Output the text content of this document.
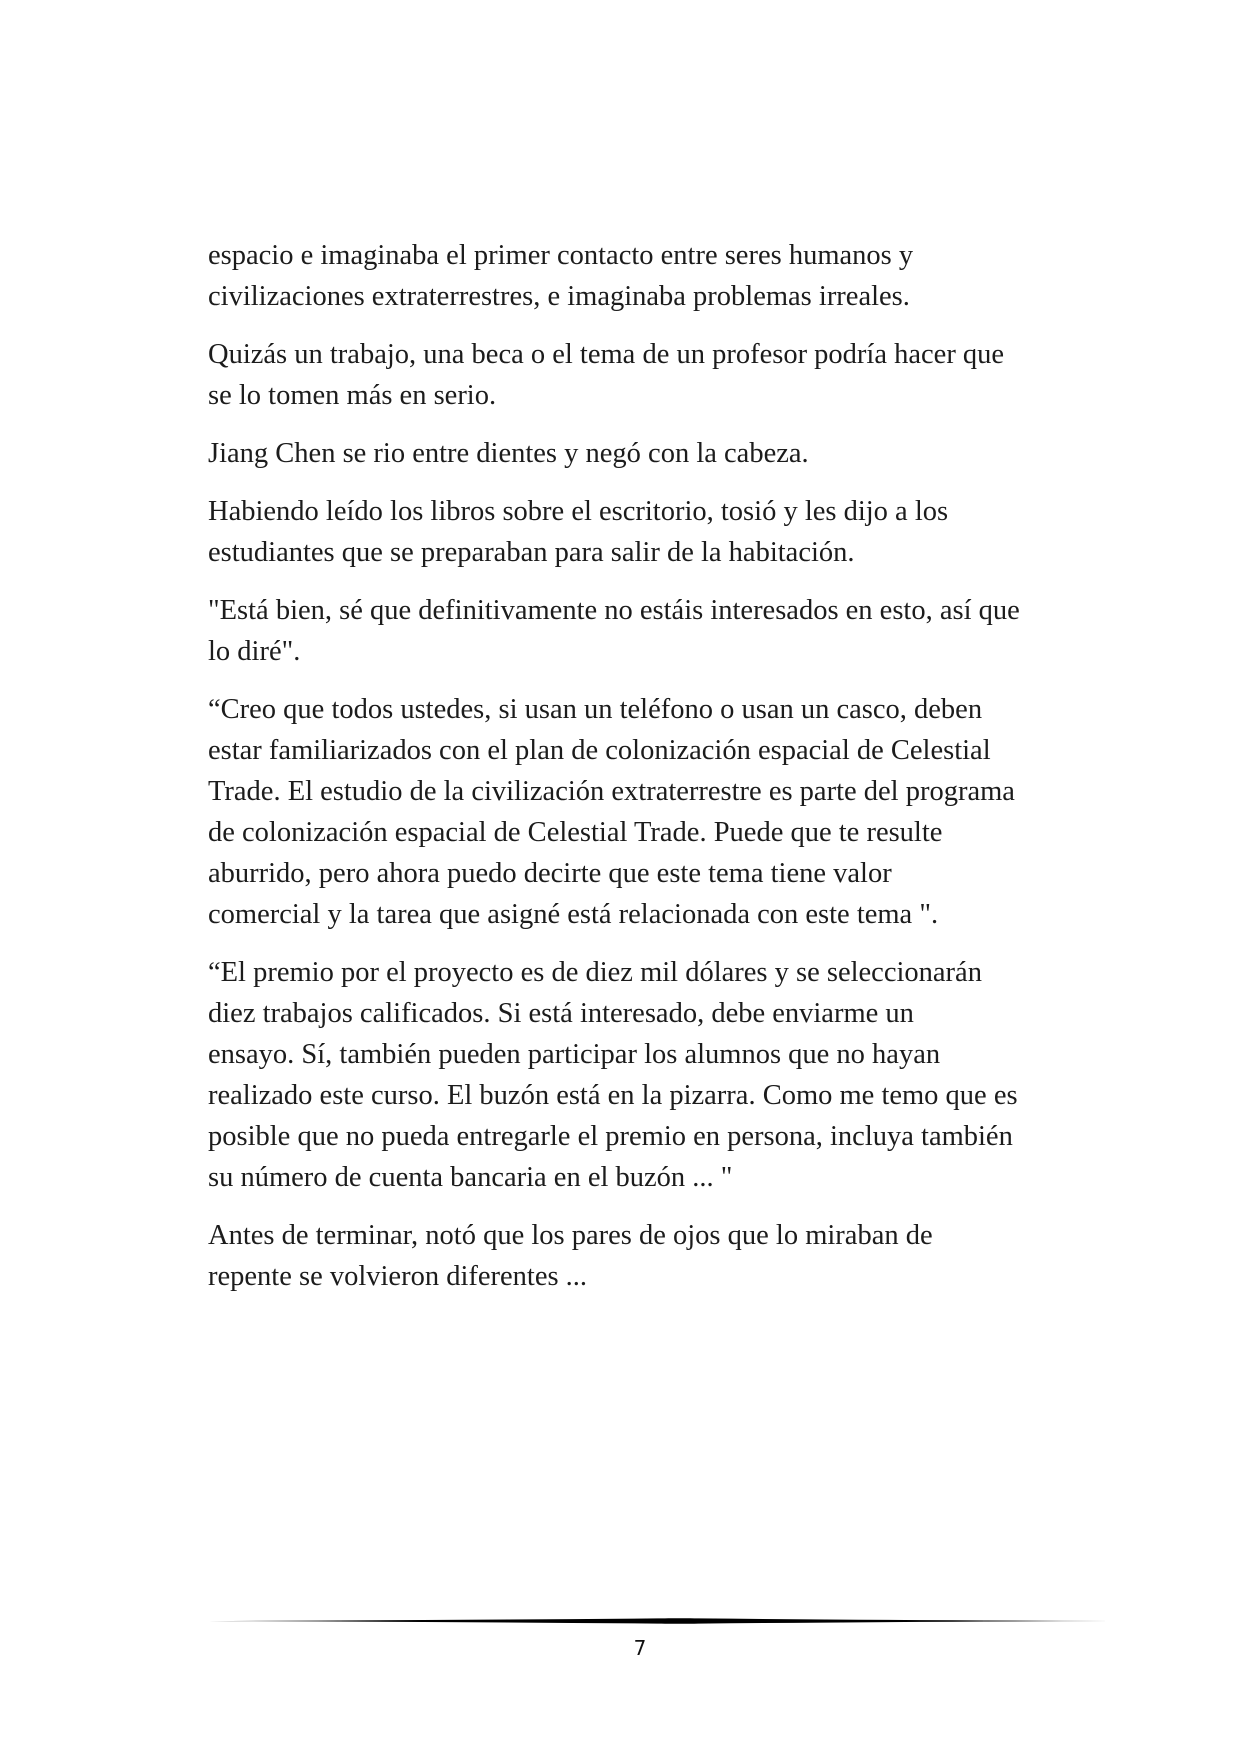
espacio e imaginaba el primer contacto entre seres humanos y
civilizaciones extraterrestres, e imaginaba problemas irreales.

Quizás un trabajo, una beca o el tema de un profesor podría hacer que
se lo tomen más en serio.

Jiang Chen se rio entre dientes y negó con la cabeza.

Habiendo leído los libros sobre el escritorio, tosió y les dijo a los
estudiantes que se preparaban para salir de la habitación.

"Está bien, sé que definitivamente no estáis interesados en esto, así que
lo diré".

“Creo que todos ustedes, si usan un teléfono o usan un casco, deben
estar familiarizados con el plan de colonización espacial de Celestial
Trade. El estudio de la civilización extraterrestre es parte del programa
de colonización espacial de Celestial Trade. Puede que te resulte
aburrido, pero ahora puedo decirte que este tema tiene valor
comercial y la tarea que asigné está relacionada con este tema ".

“El premio por el proyecto es de diez mil dólares y se seleccionarán
diez trabajos calificados. Si está interesado, debe enviarme un
ensayo. Sí, también pueden participar los alumnos que no hayan
realizado este curso. El buzón está en la pizarra. Como me temo que es
posible que no pueda entregarle el premio en persona, incluya también
su número de cuenta bancaria en el buzón ... "

Antes de terminar, notó que los pares de ojos que lo miraban de
repente se volvieron diferentes ...

7
